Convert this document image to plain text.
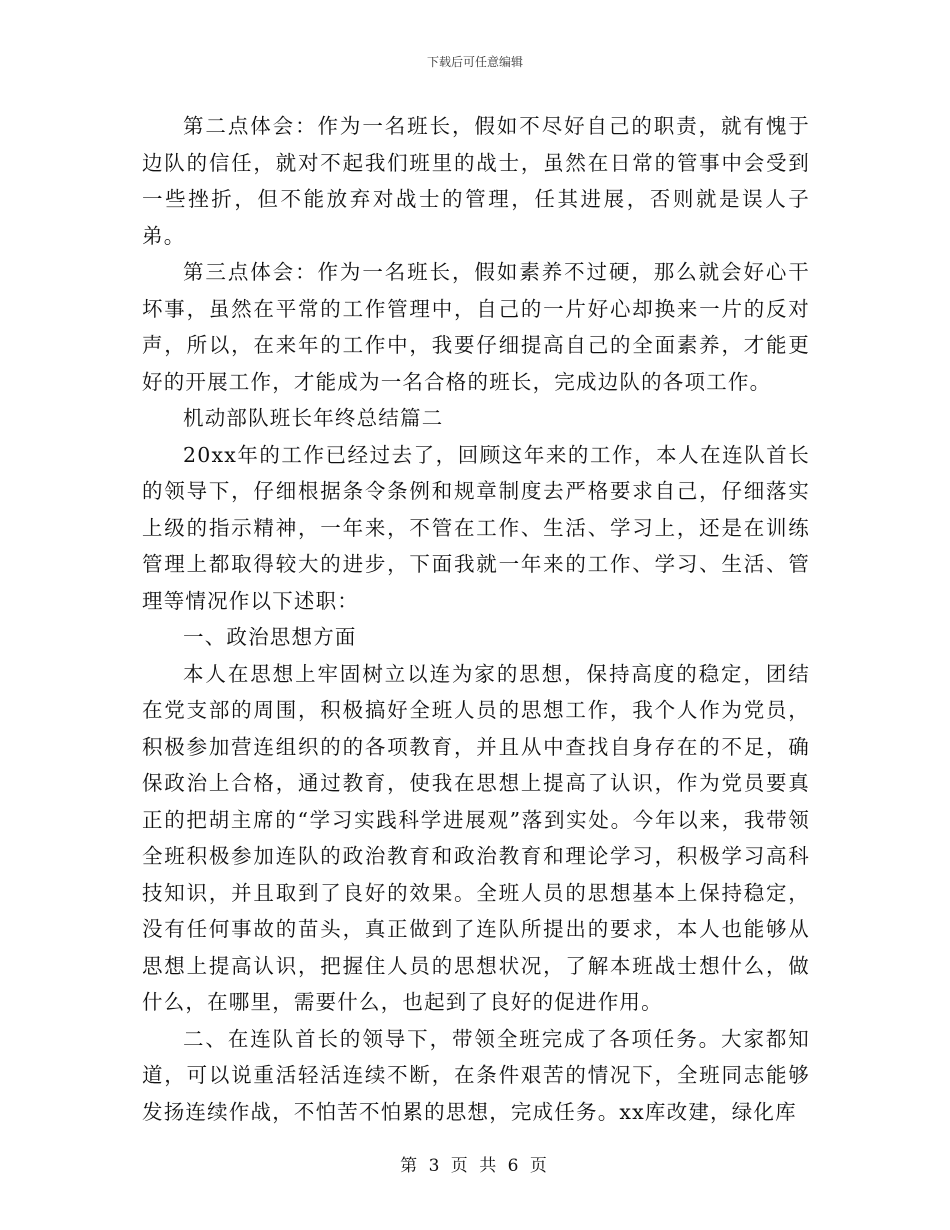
下载后可任意编辑

第二点体会：作为一名班长，假如不尽好自己的职责，就有愧于边队的信任，就对不起我们班里的战士，虽然在日常的管事中会受到一些挫折，但不能放弃对战士的管理，任其进展，否则就是误人子弟。

第三点体会：作为一名班长，假如素养不过硬，那么就会好心干坏事，虽然在平常的工作管理中，自己的一片好心却换来一片的反对声，所以，在来年的工作中，我要仔细提高自己的全面素养，才能更好的开展工作，才能成为一名合格的班长，完成边队的各项工作。

机动部队班长年终总结篇二

20xx年的工作已经过去了，回顾这年来的工作，本人在连队首长的领导下，仔细根据条令条例和规章制度去严格要求自己，仔细落实上级的指示精神，一年来，不管在工作、生活、学习上，还是在训练管理上都取得较大的进步，下面我就一年来的工作、学习、生活、管理等情况作以下述职：

一、政治思想方面

本人在思想上牢固树立以连为家的思想，保持高度的稳定，团结在党支部的周围，积极搞好全班人员的思想工作，我个人作为党员，积极参加营连组织的的各项教育，并且从中查找自身存在的不足，确保政治上合格，通过教育，使我在思想上提高了认识，作为党员要真正的把胡主席的“学习实践科学进展观”落到实处。今年以来，我带领全班积极参加连队的政治教育和政治教育和理论学习，积极学习高科技知识，并且取到了良好的效果。全班人员的思想基本上保持稳定，没有任何事故的苗头，真正做到了连队所提出的要求，本人也能够从思想上提高认识，把握住人员的思想状况，了解本班战士想什么，做什么，在哪里，需要什么，也起到了良好的促进作用。

二、在连队首长的领导下，带领全班完成了各项任务。大家都知道，可以说重活轻活连续不断，在条件艰苦的情况下，全班同志能够发扬连续作战，不怕苦不怕累的思想，完成任务。xx库改建，绿化库

第 3 页 共 6 页
